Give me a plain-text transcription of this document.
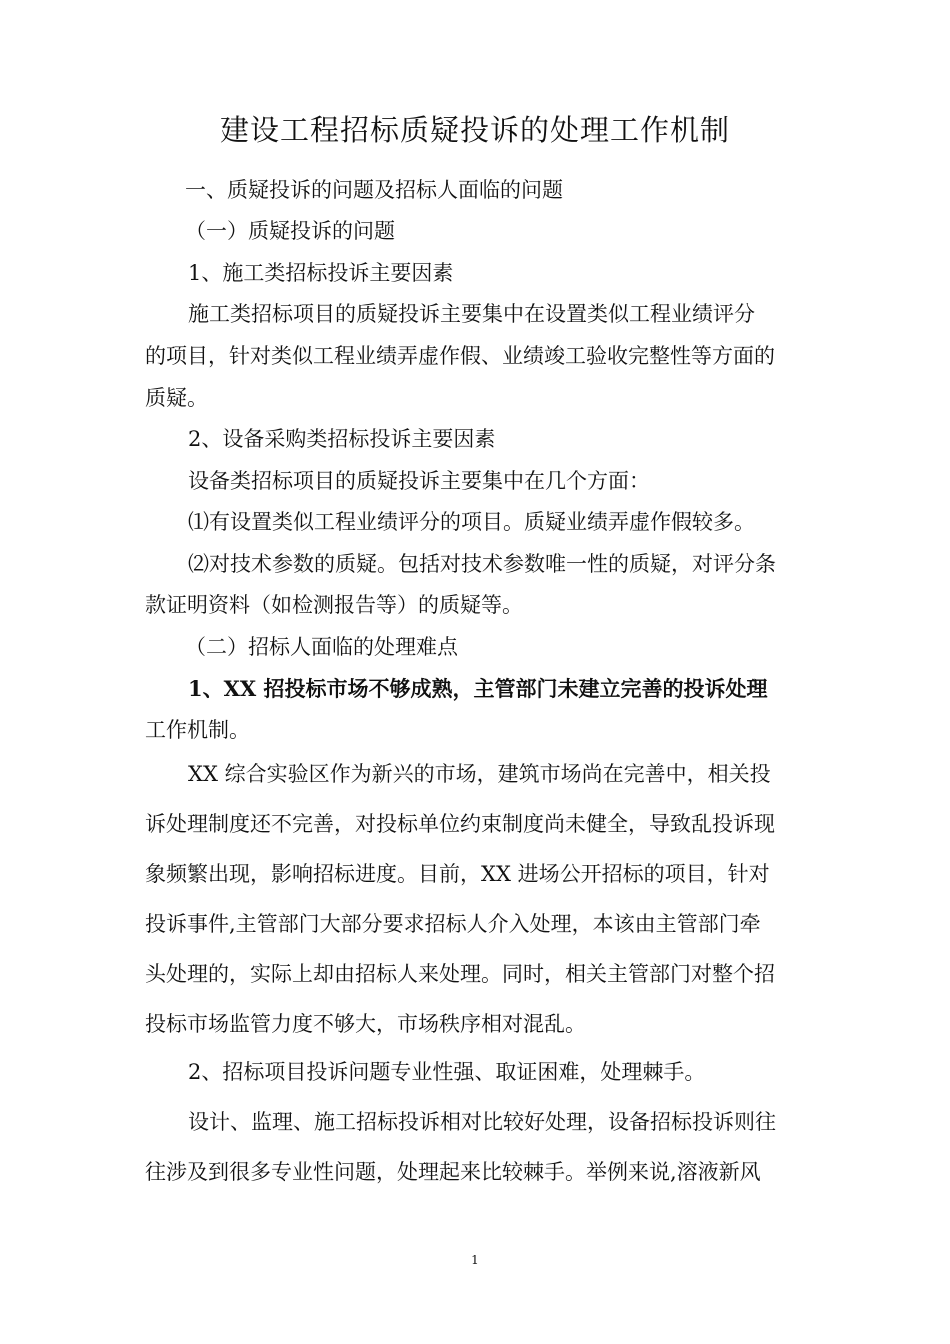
建设工程招标质疑投诉的处理工作机制

一、质疑投诉的问题及招标人面临的问题

（一）质疑投诉的问题

1、施工类招标投诉主要因素

施工类招标项目的质疑投诉主要集中在设置类似工程业绩评分

的项目，针对类似工程业绩弄虚作假、业绩竣工验收完整性等方面的

质疑。

2、设备采购类招标投诉主要因素

设备类招标项目的质疑投诉主要集中在几个方面：

⑴有设置类似工程业绩评分的项目。质疑业绩弄虚作假较多。

⑵对技术参数的质疑。包括对技术参数唯一性的质疑，对评分条

款证明资料（如检测报告等）的质疑等。

（二）招标人面临的处理难点

1、XX 招投标市场不够成熟，主管部门未建立完善的投诉处理

工作机制。

XX 综合实验区作为新兴的市场，建筑市场尚在完善中，相关投

诉处理制度还不完善，对投标单位约束制度尚未健全，导致乱投诉现

象频繁出现，影响招标进度。目前，XX 进场公开招标的项目，针对

投诉事件,主管部门大部分要求招标人介入处理，本该由主管部门牵

头处理的，实际上却由招标人来处理。同时，相关主管部门对整个招

投标市场监管力度不够大，市场秩序相对混乱。

2、招标项目投诉问题专业性强、取证困难，处理棘手。

设计、监理、施工招标投诉相对比较好处理，设备招标投诉则往

往涉及到很多专业性问题，处理起来比较棘手。举例来说,溶液新风

1
